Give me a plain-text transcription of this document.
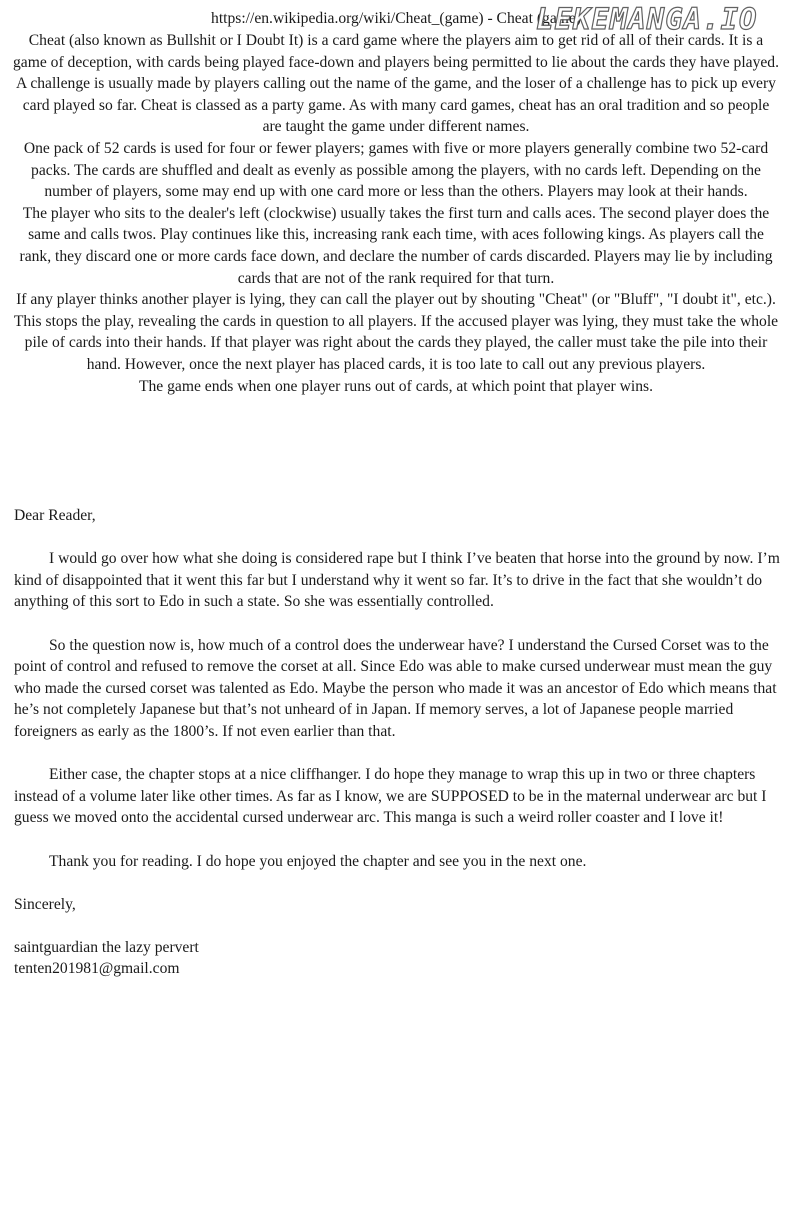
https://en.wikipedia.org/wiki/Cheat_(game) - Cheat (game)
LEKEMANGA.IO

Cheat (also known as Bullshit or I Doubt It) is a card game where the players aim to get rid of all of their cards. It is a game of deception, with cards being played face-down and players being permitted to lie about the cards they have played. A challenge is usually made by players calling out the name of the game, and the loser of a challenge has to pick up every card played so far. Cheat is classed as a party game. As with many card games, cheat has an oral tradition and so people are taught the game under different names.

One pack of 52 cards is used for four or fewer players; games with five or more players generally combine two 52-card packs. The cards are shuffled and dealt as evenly as possible among the players, with no cards left. Depending on the number of players, some may end up with one card more or less than the others. Players may look at their hands.

The player who sits to the dealer's left (clockwise) usually takes the first turn and calls aces. The second player does the same and calls twos. Play continues like this, increasing rank each time, with aces following kings. As players call the rank, they discard one or more cards face down, and declare the number of cards discarded. Players may lie by including cards that are not of the rank required for that turn.

If any player thinks another player is lying, they can call the player out by shouting "Cheat" (or "Bluff", "I doubt it", etc.). This stops the play, revealing the cards in question to all players. If the accused player was lying, they must take the whole pile of cards into their hands. If that player was right about the cards they played, the caller must take the pile into their hand. However, once the next player has placed cards, it is too late to call out any previous players.

The game ends when one player runs out of cards, at which point that player wins.

Dear Reader,

I would go over how what she doing is considered rape but I think I’ve beaten that horse into the ground by now. I’m kind of disappointed that it went this far but I understand why it went so far. It’s to drive in the fact that she wouldn’t do anything of this sort to Edo in such a state. So she was essentially controlled.

So the question now is, how much of a control does the underwear have? I understand the Cursed Corset was to the point of control and refused to remove the corset at all. Since Edo was able to make cursed underwear must mean the guy who made the cursed corset was talented as Edo. Maybe the person who made it was an ancestor of Edo which means that he’s not completely Japanese but that’s not unheard of in Japan. If memory serves, a lot of Japanese people married foreigners as early as the 1800’s. If not even earlier than that.

Either case, the chapter stops at a nice cliffhanger. I do hope they manage to wrap this up in two or three chapters instead of a volume later like other times. As far as I know, we are SUPPOSED to be in the maternal underwear arc but I guess we moved onto the accidental cursed underwear arc. This manga is such a weird roller coaster and I love it!

Thank you for reading. I do hope you enjoyed the chapter and see you in the next one.

Sincerely,

saintguardian the lazy pervert

tenten201981@gmail.com
